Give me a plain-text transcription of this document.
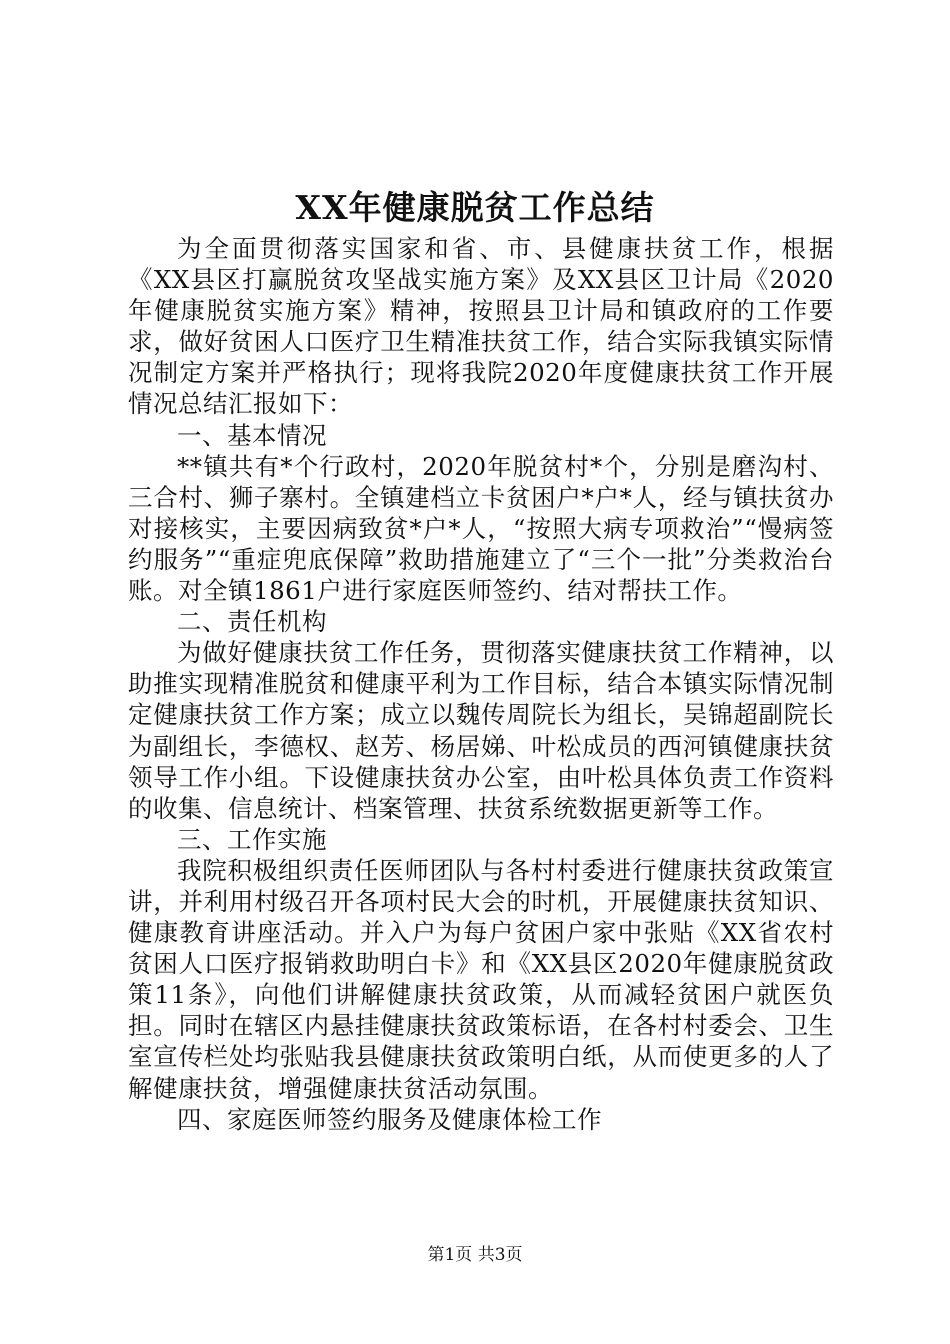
XX年健康脱贫工作总结

为全面贯彻落实国家和省、市、县健康扶贫工作，根据《XX县区打赢脱贫攻坚战实施方案》及XX县区卫计局《2020年健康脱贫实施方案》精神，按照县卫计局和镇政府的工作要求，做好贫困人口医疗卫生精准扶贫工作，结合实际我镇实际情况制定方案并严格执行；现将我院2020年度健康扶贫工作开展情况总结汇报如下：

一、基本情况

**镇共有*个行政村，2020年脱贫村*个，分别是磨沟村、三合村、狮子寨村。全镇建档立卡贫困户*户*人，经与镇扶贫办对接核实，主要因病致贫*户*人，“按照大病专项救治”“慢病签约服务”“重症兜底保障”救助措施建立了“三个一批”分类救治台账。对全镇1861户进行家庭医师签约、结对帮扶工作。

二、责任机构

为做好健康扶贫工作任务，贯彻落实健康扶贫工作精神，以助推实现精准脱贫和健康平利为工作目标，结合本镇实际情况制定健康扶贫工作方案；成立以魏传周院长为组长，吴锦超副院长为副组长，李德权、赵芳、杨居娣、叶松成员的西河镇健康扶贫领导工作小组。下设健康扶贫办公室，由叶松具体负责工作资料的收集、信息统计、档案管理、扶贫系统数据更新等工作。

三、工作实施

我院积极组织责任医师团队与各村村委进行健康扶贫政策宣讲，并利用村级召开各项村民大会的时机，开展健康扶贫知识、健康教育讲座活动。并入户为每户贫困户家中张贴《XX省农村贫困人口医疗报销救助明白卡》和《XX县区2020年健康脱贫政策11条》，向他们讲解健康扶贫政策，从而减轻贫困户就医负担。同时在辖区内悬挂健康扶贫政策标语，在各村村委会、卫生室宣传栏处均张贴我县健康扶贫政策明白纸，从而使更多的人了解健康扶贫，增强健康扶贫活动氛围。

四、家庭医师签约服务及健康体检工作

第1页 共3页
